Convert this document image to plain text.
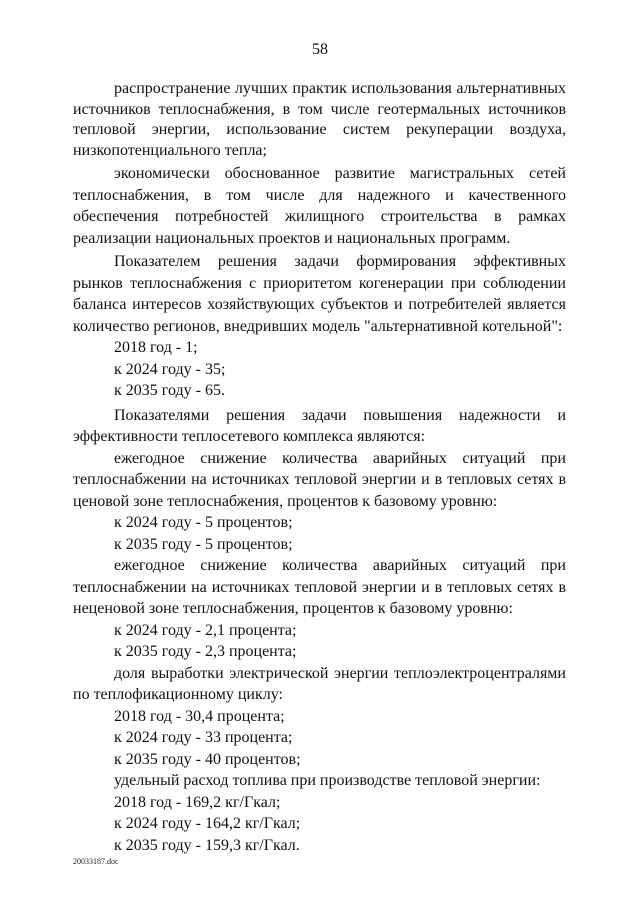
58

распространение лучших практик использования альтернативных источников теплоснабжения, в том числе геотермальных источников тепловой энергии, использование систем рекуперации воздуха, низкопотенциального тепла;

экономически обоснованное развитие магистральных сетей теплоснабжения, в том числе для надежного и качественного обеспечения потребностей жилищного строительства в рамках реализации национальных проектов и национальных программ.

Показателем решения задачи формирования эффективных рынков теплоснабжения с приоритетом когенерации при соблюдении баланса интересов хозяйствующих субъектов и потребителей является количество регионов, внедривших модель "альтернативной котельной":

2018 год - 1;

к 2024 году - 35;

к 2035 году - 65.

Показателями решения задачи повышения надежности и эффективности теплосетевого комплекса являются:

ежегодное снижение количества аварийных ситуаций при теплоснабжении на источниках тепловой энергии и в тепловых сетях в ценовой зоне теплоснабжения, процентов к базовому уровню:

к 2024 году - 5 процентов;

к 2035 году - 5 процентов;

ежегодное снижение количества аварийных ситуаций при теплоснабжении на источниках тепловой энергии и в тепловых сетях в неценовой зоне теплоснабжения, процентов к базовому уровню:

к 2024 году - 2,1 процента;

к 2035 году - 2,3 процента;

доля выработки электрической энергии теплоэлектроцентралями по теплофикационному циклу:

2018 год - 30,4 процента;

к 2024 году - 33 процента;

к 2035 году - 40 процентов;

удельный расход топлива при производстве тепловой энергии:

2018 год - 169,2 кг/Гкал;

к 2024 году - 164,2 кг/Гкал;

к 2035 году - 159,3 кг/Гкал.

20033187.doc
